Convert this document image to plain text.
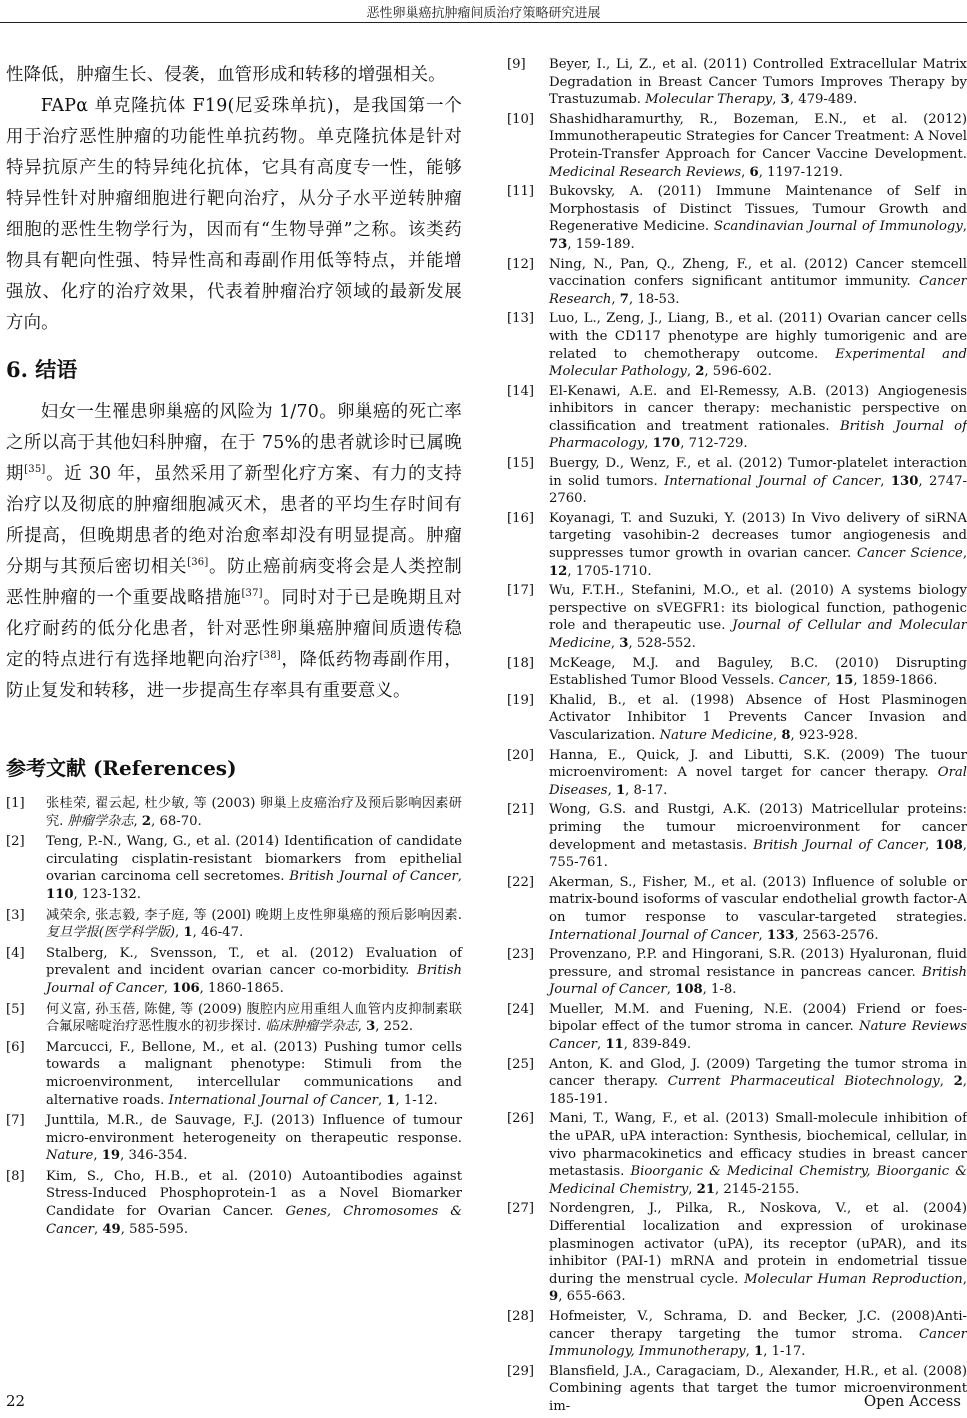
恶性卵巢癌抗肿瘤间质治疗策略研究进展

性降低，肿瘤生长、侵袭，血管形成和转移的增强相关。

FAPα 单克隆抗体 F19(尼妥珠单抗)，是我国第一个用于治疗恶性肿瘤的功能性单抗药物。单克隆抗体是针对特异抗原产生的特异纯化抗体，它具有高度专一性，能够特异性针对肿瘤细胞进行靶向治疗，从分子水平逆转肿瘤细胞的恶性生物学行为，因而有“生物导弹”之称。该类药物具有靶向性强、特异性高和毒副作用低等特点，并能增强放、化疗的治疗效果，代表着肿瘤治疗领域的最新发展方向。

6. 结语

妇女一生罹患卵巢癌的风险为 1/70。卵巢癌的死亡率之所以高于其他妇科肿瘤，在于 75%的患者就诊时已属晚期[35]。近 30 年，虽然采用了新型化疗方案、有力的支持治疗以及彻底的肿瘤细胞减灭术，患者的平均生存时间有所提高，但晚期患者的绝对治愈率却没有明显提高。肿瘤分期与其预后密切相关[36]。防止癌前病变将会是人类控制恶性肿瘤的一个重要战略措施[37]。同时对于已是晚期且对化疗耐药的低分化患者，针对恶性卵巢癌肿瘤间质遗传稳定的特点进行有选择地靶向治疗[38]，降低药物毒副作用，防止复发和转移，进一步提高生存率具有重要意义。

参考文献 (References)
[1]	张桂荣, 翟云起, 杜少敏, 等 (2003) 卵巢上皮癌治疗及预后影响因素研究. 肿瘤学杂志, 2, 68-70.
[2]	Teng, P.-N., Wang, G., et al. (2014) Identification of candidate circulating cisplatin-resistant biomarkers from epithelial ovarian carcinoma cell secretomes. British Journal of Cancer, 110, 123-132.
[3]	减荣余, 张志毅, 李子庭, 等 (200l) 晚期上皮性卵巢癌的预后影响因素. 复旦学报(医学科学版), 1, 46-47.
[4]	Stalberg, K., Svensson, T., et al. (2012) Evaluation of prevalent and incident ovarian cancer co-morbidity. British Journal of Cancer, 106, 1860-1865.
[5]	何义富, 孙玉蓓, 陈健, 等 (2009) 腹腔内应用重组人血管内皮抑制素联合氟尿嘧啶治疗恶性腹水的初步探讨. 临床肿瘤学杂志, 3, 252.
[6]	Marcucci, F., Bellone, M., et al. (2013) Pushing tumor cells towards a malignant phenotype: Stimuli from the microenvironment, intercellular communications and alternative roads. International Journal of Cancer, 1, 1-12.
[7]	Junttila, M.R., de Sauvage, F.J. (2013) Influence of tumour micro-environment heterogeneity on therapeutic response. Nature, 19, 346-354.
[8]	Kim, S., Cho, H.B., et al. (2010) Autoantibodies against Stress-Induced Phosphoprotein-1 as a Novel Biomarker Candidate for Ovarian Cancer. Genes, Chromosomes & Cancer, 49, 585-595.
[9]	Beyer, I., Li, Z., et al. (2011) Controlled Extracellular Matrix Degradation in Breast Cancer Tumors Improves Therapy by Trastuzumab. Molecular Therapy, 3, 479-489.
[10]	Shashidharamurthy, R., Bozeman, E.N., et al. (2012) Immunotherapeutic Strategies for Cancer Treatment: A Novel Protein-Transfer Approach for Cancer Vaccine Development. Medicinal Research Reviews, 6, 1197-1219.
[11]	Bukovsky, A. (2011) Immune Maintenance of Self in Morphostasis of Distinct Tissues, Tumour Growth and Regenerative Medicine. Scandinavian Journal of Immunology, 73, 159-189.
[12]	Ning, N., Pan, Q., Zheng, F., et al. (2012) Cancer stemcell vaccination confers significant antitumor immunity. Cancer Research, 7, 18-53.
[13]	Luo, L., Zeng, J., Liang, B., et al. (2011) Ovarian cancer cells with the CD117 phenotype are highly tumorigenic and are related to chemotherapy outcome. Experimental and Molecular Pathology, 2, 596-602.
[14]	El-Kenawi, A.E. and El-Remessy, A.B. (2013) Angiogenesis inhibitors in cancer therapy: mechanistic perspective on classification and treatment rationales. British Journal of Pharmacology, 170, 712-729.
[15]	Buergy, D., Wenz, F., et al. (2012) Tumor-platelet interaction in solid tumors. International Journal of Cancer, 130, 2747-2760.
[16]	Koyanagi, T. and Suzuki, Y. (2013) In Vivo delivery of siRNA targeting vasohibin-2 decreases tumor angiogenesis and suppresses tumor growth in ovarian cancer. Cancer Science, 12, 1705-1710.
[17]	Wu, F.T.H., Stefanini, M.O., et al. (2010) A systems biology perspective on sVEGFR1: its biological function, pathogenic role and therapeutic use. Journal of Cellular and Molecular Medicine, 3, 528-552.
[18]	McKeage, M.J. and Baguley, B.C. (2010) Disrupting Established Tumor Blood Vessels. Cancer, 15, 1859-1866.
[19]	Khalid, B., et al. (1998) Absence of Host Plasminogen Activator Inhibitor 1 Prevents Cancer Invasion and Vascularization. Nature Medicine, 8, 923-928.
[20]	Hanna, E., Quick, J. and Libutti, S.K. (2009) The tuour microenviroment: A novel target for cancer therapy. Oral Diseases, 1, 8-17.
[21]	Wong, G.S. and Rustgi, A.K. (2013) Matricellular proteins: priming the tumour microenvironment for cancer development and metastasis. British Journal of Cancer, 108, 755-761.
[22]	Akerman, S., Fisher, M., et al. (2013) Influence of soluble or matrix-bound isoforms of vascular endothelial growth factor-A on tumor response to vascular-targeted strategies. International Journal of Cancer, 133, 2563-2576.
[23]	Provenzano, P.P. and Hingorani, S.R. (2013) Hyaluronan, fluid pressure, and stromal resistance in pancreas cancer. British Journal of Cancer, 108, 1-8.
[24]	Mueller, M.M. and Fuening, N.E. (2004) Friend or foes-bipolar effect of the tumor stroma in cancer. Nature Reviews Cancer, 11, 839-849.
[25]	Anton, K. and Glod, J. (2009) Targeting the tumor stroma in cancer therapy. Current Pharmaceutical Biotechnology, 2, 185-191.
[26]	Mani, T., Wang, F., et al. (2013) Small-molecule inhibition of the uPAR, uPA interaction: Synthesis, biochemical, cellular, in vivo pharmacokinetics and efficacy studies in breast cancer metastasis. Bioorganic & Medicinal Chemistry, Bioorganic & Medicinal Chemistry, 21, 2145-2155.
[27]	Nordengren, J., Pilka, R., Noskova, V., et al. (2004) Differential localization and expression of urokinase plasminogen activator (uPA), its receptor (uPAR), and its inhibitor (PAI-1) mRNA and protein in endometrial tissue during the menstrual cycle. Molecular Human Reproduction, 9, 655-663.
[28]	Hofmeister, V., Schrama, D. and Becker, J.C. (2008)Anti-cancer therapy targeting the tumor stroma. Cancer Immunology, Immunotherapy, 1, 1-17.
[29]	Blansfield, J.A., Caragaciam, D., Alexander, H.R., et al. (2008) Combining agents that target the tumor microenvironment im-
22	Open Access
